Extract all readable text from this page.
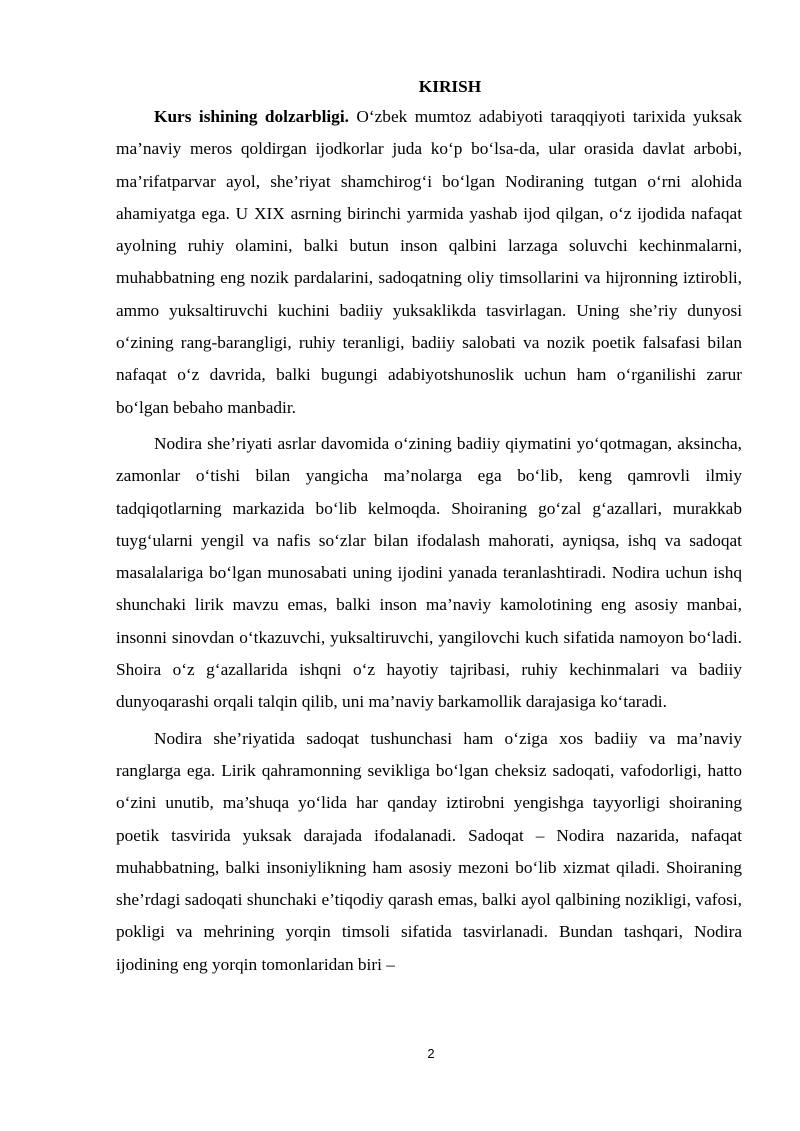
KIRISH

Kurs ishining dolzarbligi. O‘zbek mumtoz adabiyoti taraqqiyoti tarixida yuksak ma’naviy meros qoldirgan ijodkorlar juda ko‘p bo‘lsa-da, ular orasida davlat arbobi, ma’rifatparvar ayol, she’riyat shamchirog‘i bo‘lgan Nodiraning tutgan o‘rni alohida ahamiyatga ega. U XIX asrning birinchi yarmida yashab ijod qilgan, o‘z ijodida nafaqat ayolning ruhiy olamini, balki butun inson qalbini larzaga soluvchi kechinmalarni, muhabbatning eng nozik pardalarini, sadoqatning oliy timsollarini va hijronning iztirobli, ammo yuksaltiruvchi kuchini badiiy yuksaklikda tasvirlagan. Uning she’riy dunyosi o‘zining rang-barangligi, ruhiy teranligi, badiiy salobati va nozik poetik falsafasi bilan nafaqat o‘z davrida, balki bugungi adabiyotshunoslik uchun ham o‘rganilishi zarur bo‘lgan bebaho manbadir.

Nodira she’riyati asrlar davomida o‘zining badiiy qiymatini yo‘qotmagan, aksincha, zamonlar o‘tishi bilan yangicha ma’nolarga ega bo‘lib, keng qamrovli ilmiy tadqiqotlarning markazida bo‘lib kelmoqda. Shoiraning go‘zal g‘azallari, murakkab tuyg‘ularni yengil va nafis so‘zlar bilan ifodalash mahorati, ayniqsa, ishq va sadoqat masalalariga bo‘lgan munosabati uning ijodini yanada teranlashtiradi. Nodira uchun ishq shunchaki lirik mavzu emas, balki inson ma’naviy kamolotining eng asosiy manbai, insonni sinovdan o‘tkazuvchi, yuksaltiruvchi, yangilovchi kuch sifatida namoyon bo‘ladi. Shoira o‘z g‘azallarida ishqni o‘z hayotiy tajribasi, ruhiy kechinmalari va badiiy dunyoqarashi orqali talqin qilib, uni ma’naviy barkamollik darajasiga ko‘taradi.

Nodira she’riyatida sadoqat tushunchasi ham o‘ziga xos badiiy va ma’naviy ranglarga ega. Lirik qahramonning sevikliga bo‘lgan cheksiz sadoqati, vafodorligi, hatto o‘zini unutib, ma’shuqa yo‘lida har qanday iztirobni yengishga tayyorligi shoiraning poetik tasvirida yuksak darajada ifodalanadi. Sadoqat – Nodira nazarida, nafaqat muhabbatning, balki insoniylikning ham asosiy mezoni bo‘lib xizmat qiladi. Shoiraning she’rdagi sadoqati shunchaki e’tiqodiy qarash emas, balki ayol qalbining nozikligi, vafosi, pokligi va mehrining yorqin timsoli sifatida tasvirlanadi. Bundan tashqari, Nodira ijodining eng yorqin tomonlaridan biri –

2
